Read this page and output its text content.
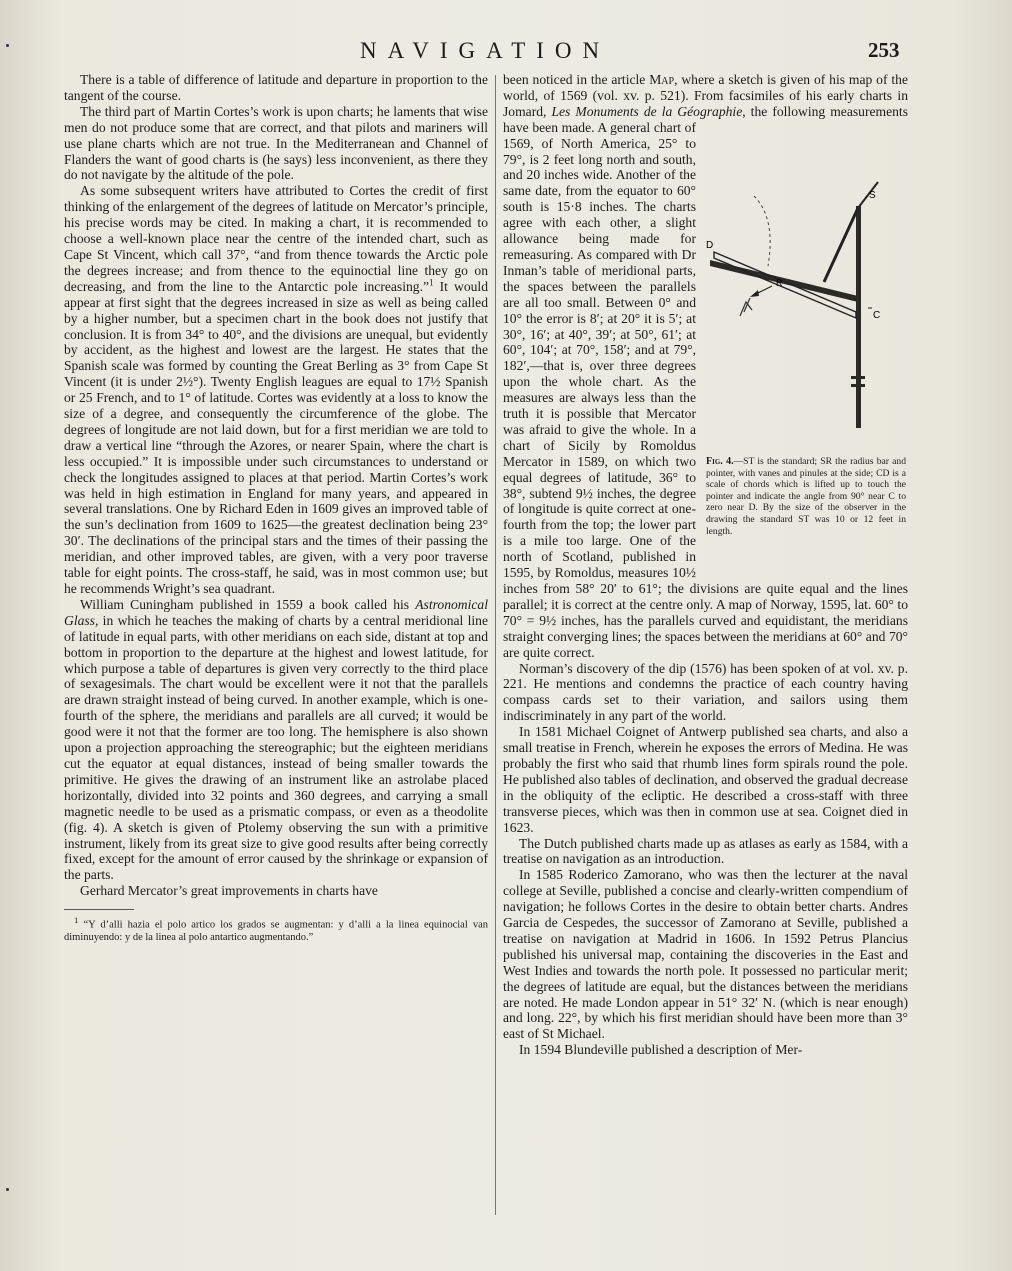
NAVIGATION	253

There is a table of difference of latitude and departure in proportion to the tangent of the course.

The third part of Martin Cortes’s work is upon charts; he laments that wise men do not produce some that are correct, and that pilots and mariners will use plane charts which are not true. In the Mediterranean and Channel of Flanders the want of good charts is (he says) less inconvenient, as there they do not navigate by the altitude of the pole.

As some subsequent writers have attributed to Cortes the credit of first thinking of the enlargement of the degrees of latitude on Mercator’s principle, his precise words may be cited. In making a chart, it is recommended to choose a well-known place near the centre of the intended chart, such as Cape St Vincent, which call 37°, “and from thence towards the Arctic pole the degrees increase; and from thence to the equinoctial line they go on decreasing, and from the line to the Antarctic pole increasing.”$^1$ It would appear at first sight that the degrees increased in size as well as being called by a higher number, but a specimen chart in the book does not justify that conclusion. It is from 34° to 40°, and the divisions are unequal, but evidently by accident, as the highest and lowest are the largest. He states that the Spanish scale was formed by counting the Great Berling as 3° from Cape St Vincent (it is under 2½°). Twenty English leagues are equal to 17½ Spanish or 25 French, and to 1° of latitude. Cortes was evidently at a loss to know the size of a degree, and consequently the circumference of the globe. The degrees of longitude are not laid down, but for a first meridian we are told to draw a vertical line “through the Azores, or nearer Spain, where the chart is less occupied.” It is impossible under such circumstances to understand or check the longitudes assigned to places at that period. Martin Cortes’s work was held in high estimation in England for many years, and appeared in several translations. One by Richard Eden in 1609 gives an improved table of the sun’s declination from 1609 to 1625—the greatest declination being 23° 30′. The declinations of the principal stars and the times of their passing the meridian, and other improved tables, are given, with a very poor traverse table for eight points. The cross-staff, he said, was in most common use; but he recommends Wright’s sea quadrant.

William Cuningham published in 1559 a book called his Astronomical Glass, in which he teaches the making of charts by a central meridional line of latitude in equal parts, with other meridians on each side, distant at top and bottom in proportion to the departure at the highest and lowest latitude, for which purpose a table of departures is given very correctly to the third place of sexagesimals. The chart would be excellent were it not that the parallels are drawn straight instead of being curved. In another example, which is one-fourth of the sphere, the meridians and parallels are all curved; it would be good were it not that the former are too long. The hemisphere is also shown upon a projection approaching the stereographic; but the eighteen meridians cut the equator at equal distances, instead of being smaller towards the primitive. He gives the drawing of an instrument like an astrolabe placed horizontally, divided into 32 points and 360 degrees, and carrying a small magnetic needle to be used as a prismatic compass, or even as a theodolite (fig. 4). A sketch is given of Ptolemy observing the sun with a primitive instrument, likely from its great size to give good results after being correctly fixed, except for the amount of error caused by the shrinkage or expansion of the parts.

Gerhard Mercator’s great improvements in charts have

$^1$ “Y d’alli hazia el polo artico los grados se augmentan: y d’alli a la linea equinocial van diminuyendo: y de la linea al polo antartico augmentando.”

been noticed in the article Map, where a sketch is given of his map of the world, of 1569 (vol. xv. p. 521). From facsimiles of his early charts in Jomard, Les Monuments de la Géographie
, the following measurements have been made. A general chart of 1569, of North America, 25° to 79°, is 2 feet long north and south, and 20 inches wide. Another of the same date, from the equator to 60° south is 15·8 inches. The charts agree with each other, a slight allowance being made for remeasuring. As compared with Dr Inman’s table of meridional parts, the spaces between the parallels are all too small. Between 0° and 10° the error is 8′; at 20° it is 5′; at 30°, 16′; at 40°, 39′; at 50°, 61′; at 60°, 104′; at 70°, 158′; and at 79°, 182′,—that is, over three degrees upon the whole chart. As the measures are always less than the truth it is possible that Mercator was afraid to give the whole. In a chart of Sicily by Romoldus Mercator in 1589, on which two equal degrees of latitude, 36° to 38°, subtend 9½ inches, the degree of longitude is quite correct at one-fourth from the top; the lower part is a mile too large. One of the north of Scotland, published in 1595, by Romoldus, measures 10½ inches from 58° 20′ to 61°; the divisions are quite equal and the lines parallel; it is correct at the centre only. A map of Norway, 1595, lat. 60° to 70° = 9½ inches, has the parallels curved and equidistant, the meridians straight converging lines; the spaces between the meridians at 60° and 70° are quite correct.

Norman’s discovery of the dip (1576) has been spoken of at vol. xv. p. 221. He mentions and condemns the practice of each country having compass cards set to their variation, and sailors using them indiscriminately in any part of the world.

In 1581 Michael Coignet of Antwerp published sea charts, and also a small treatise in French, wherein he exposes the errors of Medina. He was probably the first who said that rhumb lines form spirals round the pole. He published also tables of declination, and observed the gradual decrease in the obliquity of the ecliptic. He described a cross-staff with three transverse pieces, which was then in common use at sea. Coignet died in 1623.

The Dutch published charts made up as atlases as early as 1584, with a treatise on navigation as an introduction.

In 1585 Roderico Zamorano, who was then the lecturer at the naval college at Seville, published a concise and clearly-written compendium of navigation; he follows Cortes in the desire to obtain better charts. Andres Garcia de Cespedes, the successor of Zamorano at Seville, published a treatise on navigation at Madrid in 1606. In 1592 Petrus Plancius published his universal map, containing the discoveries in the East and West Indies and towards the north pole. It possessed no particular merit; the degrees of latitude are equal, but the distances between the meridians are noted. He made London appear in 51° 32′ N. (which is near enough) and long. 22°, by which his first meridian should have been more than 3° east of St Michael.

In 1594 Blundeville published a description of Mer-

S
D
R
C
Fig. 4.—ST is the standard; SR the radius bar and pointer, with vanes and pinules at the side; CD is a scale of chords which is lifted up to touch the pointer and indicate the angle from 90° near C to zero near D. By the size of the observer in the drawing the standard ST was 10 or 12 feet in length.
